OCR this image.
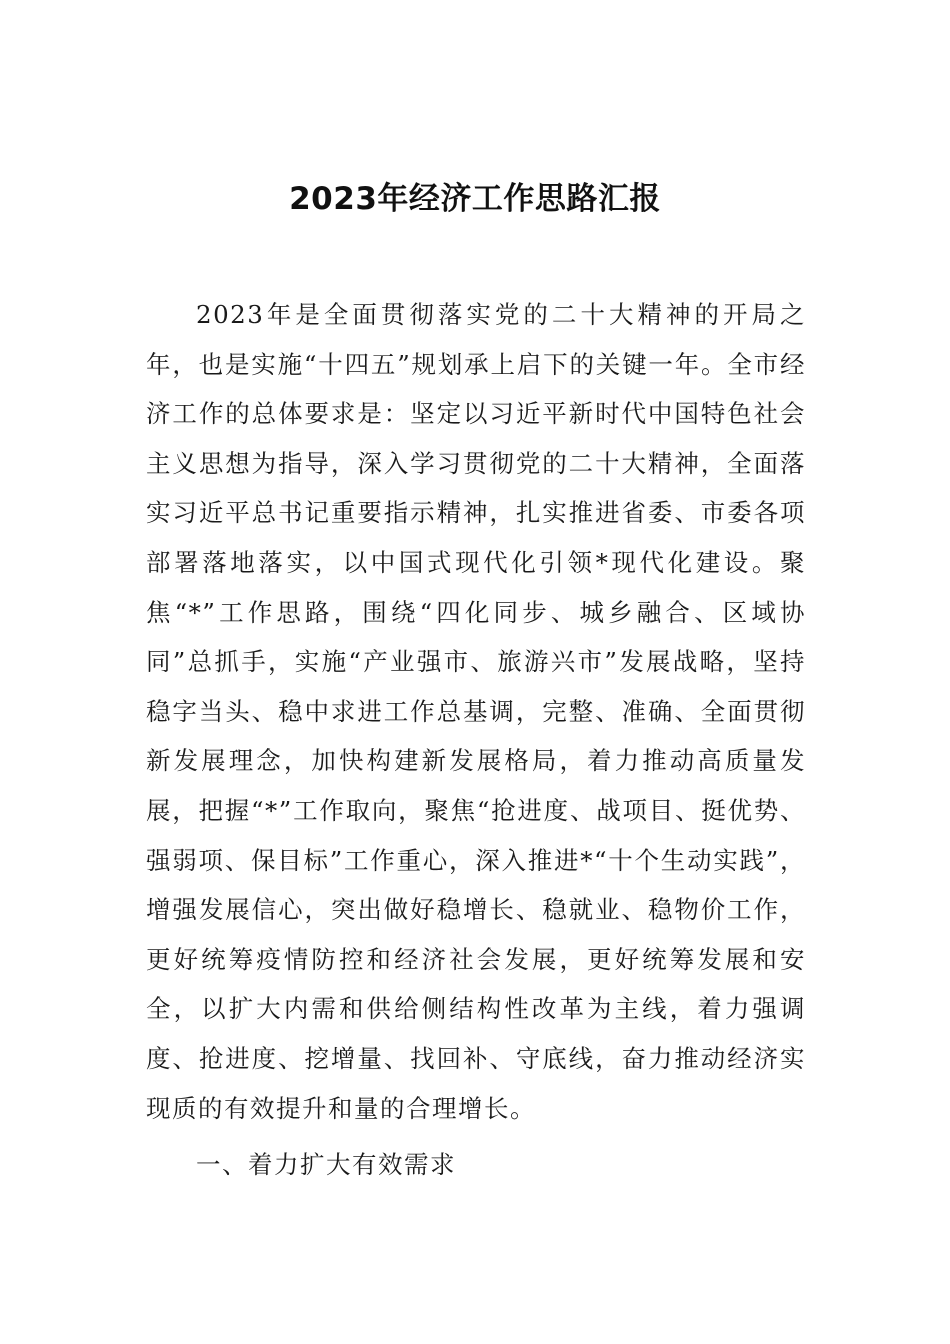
2023年经济工作思路汇报

2023年是全面贯彻落实党的二十大精神的开局之年，也是实施“十四五”规划承上启下的关键一年。全市经济工作的总体要求是：坚定以习近平新时代中国特色社会主义思想为指导，深入学习贯彻党的二十大精神，全面落实习近平总书记重要指示精神，扎实推进省委、市委各项部署落地落实，以中国式现代化引领*现代化建设。聚焦“*”工作思路，围绕“四化同步、城乡融合、区域协同”总抓手，实施“产业强市、旅游兴市”发展战略，坚持稳字当头、稳中求进工作总基调，完整、准确、全面贯彻新发展理念，加快构建新发展格局，着力推动高质量发展，把握“*”工作取向，聚焦“抢进度、战项目、挺优势、强弱项、保目标”工作重心，深入推进*“十个生动实践”，增强发展信心，突出做好稳增长、稳就业、稳物价工作，更好统筹疫情防控和经济社会发展，更好统筹发展和安全，以扩大内需和供给侧结构性改革为主线，着力强调度、抢进度、挖增量、找回补、守底线，奋力推动经济实现质的有效提升和量的合理增长。

一、着力扩大有效需求
